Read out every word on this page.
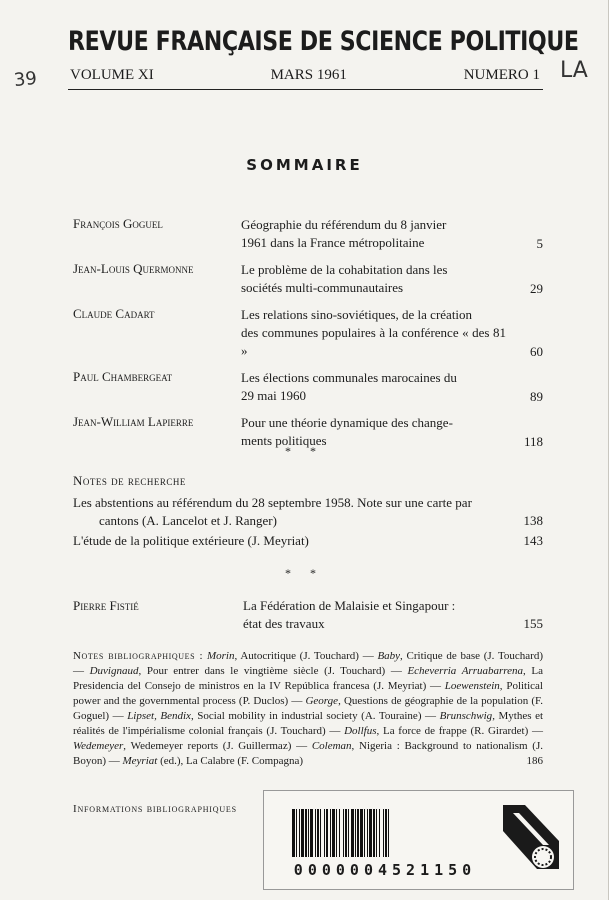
REVUE FRANÇAISE DE SCIENCE POLITIQUE
39	LA
VOLUME XI	MARS 1961	NUMERO 1
SOMMAIRE
François Goguel	Géographie du référendum du 8 janvier
1961 dans la France métropolitaine	5
Jean-Louis Quermonne	Le problème de la cohabitation dans les
sociétés multi-communautaires	29
Claude Cadart	Les relations sino-soviétiques, de la création
des communes populaires à la conférence « des 81 »	60
Paul Chambergeat	Les élections communales marocaines du
29 mai 1960	89
Jean-William Lapierre	Pour une théorie dynamique des change-
ments politiques	118
* *
Notes de recherche
Les abstentions au référendum du 28 septembre 1958. Note sur une carte par cantons (A. Lancelot et J. Ranger)	138
L'étude de la politique extérieure (J. Meyriat)	143
* *
Pierre Fistié	La Fédération de Malaisie et Singapour :
état des travaux	155
Notes bibliographiques : Morin, Autocritique (J. Touchard) — Baby, Critique de base (J. Touchard) — Duvignaud, Pour entrer dans le vingtième siècle (J. Touchard) — Echeverria Arruabarrena, La Presidencia del Consejo de ministros en la IV República francesa (J. Meyriat) — Loewenstein, Political power and the governmental process (P. Duclos) — George, Questions de géographie de la population (F. Goguel) — Lipset, Bendix, Social mobility in industrial society (A. Touraine) — Brunschwig, Mythes et réalités de l'impérialisme colonial français (J. Touchard) — Dollfus, La force de frappe (R. Girardet) — Wedemeyer, Wedemeyer reports (J. Guillermaz) — Coleman, Nigeria : Background to nationalism (J. Boyon) — Meyriat (ed.), La Calabre (F. Compagna)	186
Informations bibliographiques
0000004521150
